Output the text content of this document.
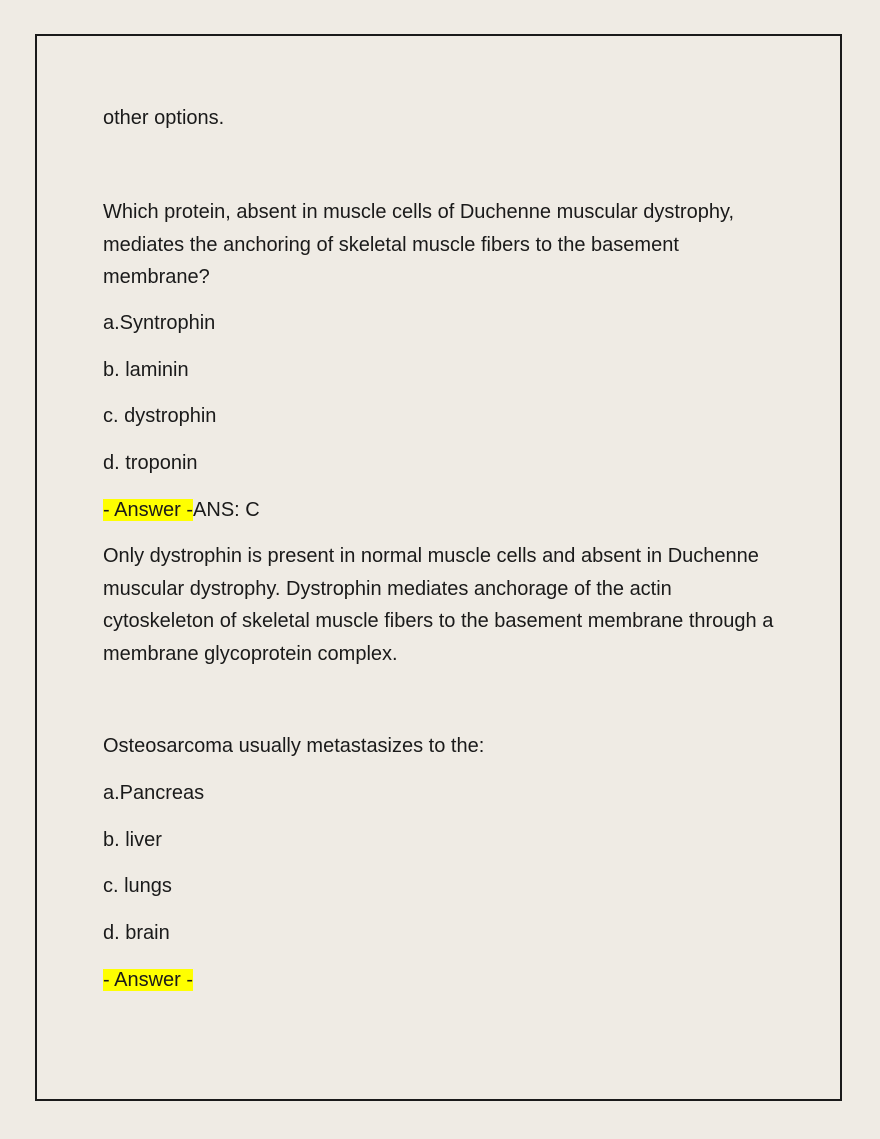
other options.

Which protein, absent in muscle cells of Duchenne muscular dystrophy, mediates the anchoring of skeletal muscle fibers to the basement membrane?

a.Syntrophin

b. laminin

c. dystrophin

d. troponin

- Answer -ANS: C

Only dystrophin is present in normal muscle cells and absent in Duchenne muscular dystrophy. Dystrophin mediates anchorage of the actin cytoskeleton of skeletal muscle fibers to the basement membrane through a membrane glycoprotein complex.

Osteosarcoma usually metastasizes to the:

a.Pancreas

b. liver

c. lungs

d. brain

- Answer -
